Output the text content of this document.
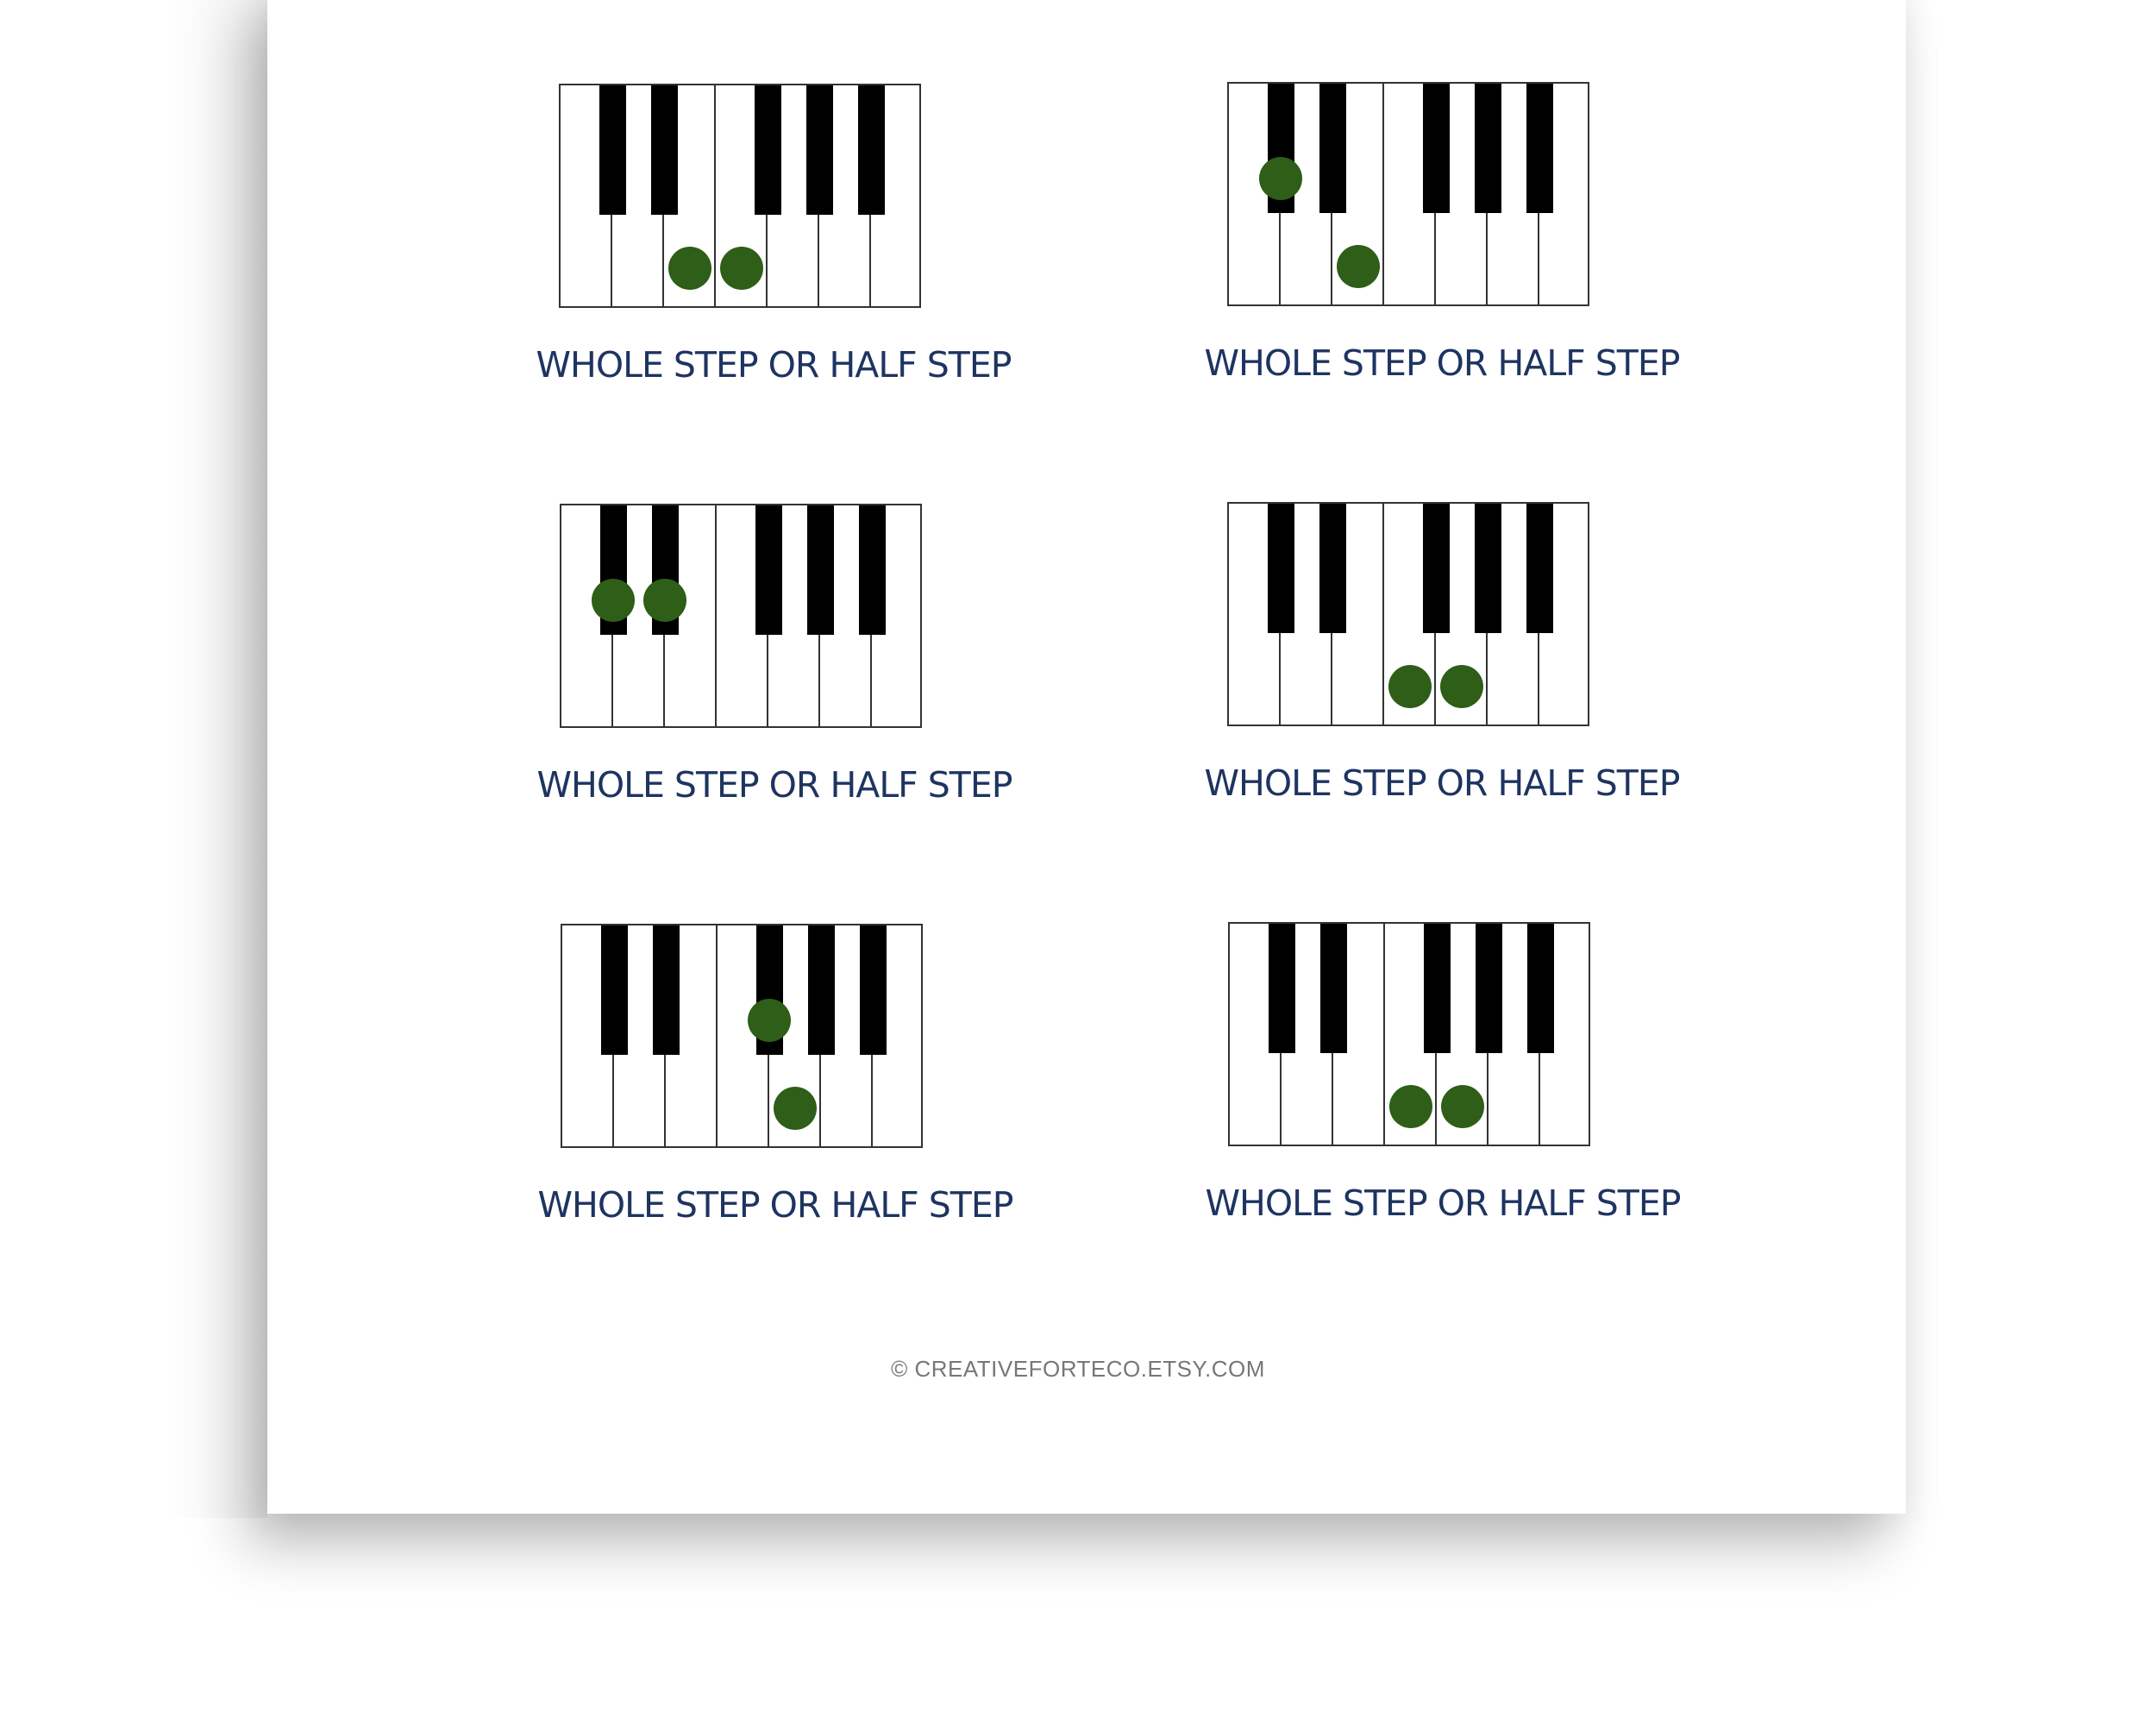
WHOLE STEP OR HALF STEP	WHOLE STEP OR HALF STEP
WHOLE STEP OR HALF STEP	WHOLE STEP OR HALF STEP
WHOLE STEP OR HALF STEP	WHOLE STEP OR HALF STEP
© CREATIVEFORTECO.ETSY.COM
